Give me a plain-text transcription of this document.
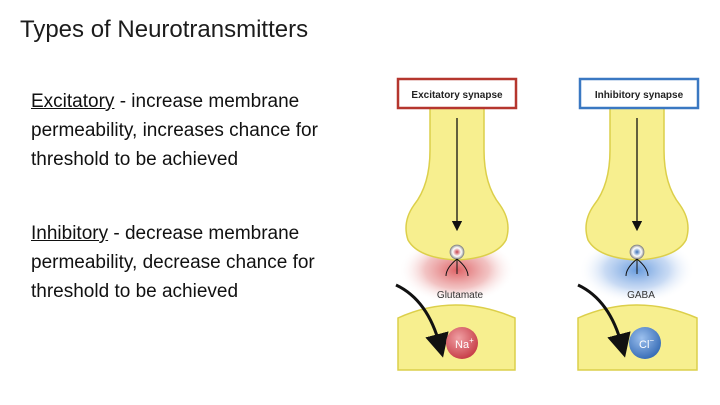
Types of Neurotransmitters
Excitatory - increase membrane
permeability, increases chance for
threshold to be achieved
Inhibitory - decrease membrane
permeability, decrease chance for
threshold to be achieved
Na+
Glutamate
Excitatory synapse
Cl−
GABA
Inhibitory synapse
